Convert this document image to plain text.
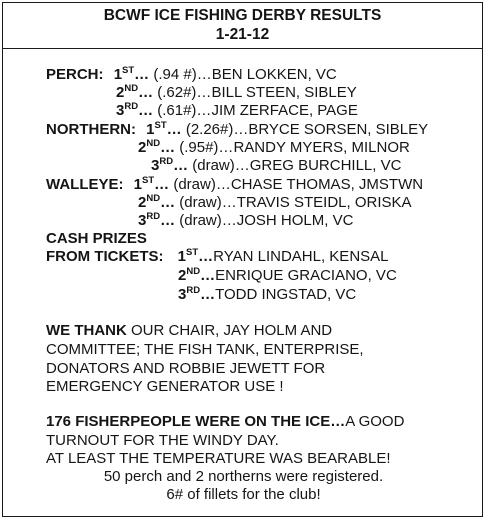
BCWF ICE FISHING DERBY RESULTS
1-21-12
PERCH: 1ST… (.94 #)…BEN LOKKEN, VC
2ND… (.62#)…BILL STEEN, SIBLEY
3RD… (.61#)…JIM ZERFACE, PAGE
NORTHERN: 1ST… (2.26#)…BRYCE SORSEN, SIBLEY
2ND… (.95#)…RANDY MYERS, MILNOR
3RD… (draw)…GREG BURCHILL, VC
WALLEYE: 1ST… (draw)…CHASE THOMAS, JMSTWN
2ND… (draw)…TRAVIS STEIDL, ORISKA
3RD… (draw)…JOSH HOLM, VC
CASH PRIZES
FROM TICKETS: 1ST…RYAN LINDAHL, KENSAL
2ND…ENRIQUE GRACIANO, VC
3RD…TODD INGSTAD, VC
WE THANK OUR CHAIR, JAY HOLM AND
COMMITTEE; THE FISH TANK, ENTERPRISE,
DONATORS AND ROBBIE JEWETT FOR
EMERGENCY GENERATOR USE !
176 FISHERPEOPLE WERE ON THE ICE…A GOOD
TURNOUT FOR THE WINDY DAY.
AT LEAST THE TEMPERATURE WAS BEARABLE!
50 perch and 2 northerns were registered.
6# of fillets for the club!
